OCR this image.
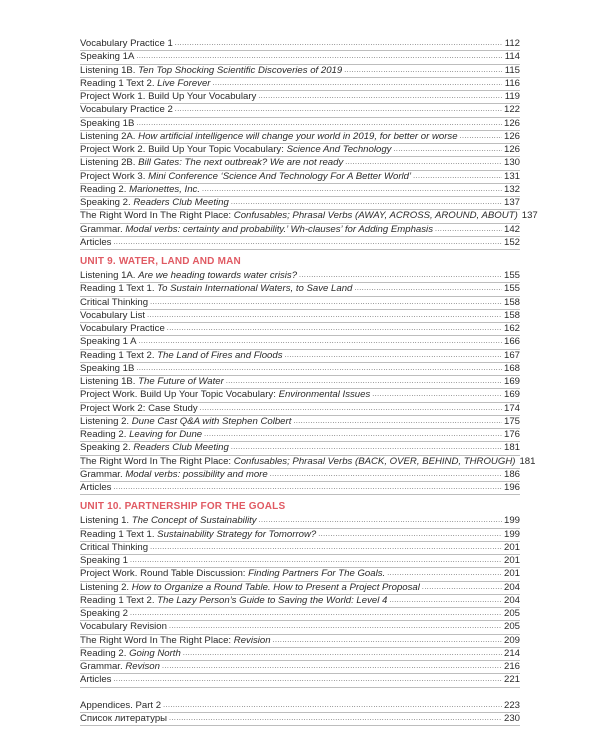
Vocabulary Practice 1 .....	112
Speaking 1A .....	114
Listening 1B. Ten Top Shocking Scientific Discoveries of 2019 .....	115
Reading 1 Text 2. Live Forever .....	116
Project Work 1. Build Up Your Vocabulary .....	119
Vocabulary Practice 2 .....	122
Speaking 1B .....	126
Listening 2A. How artificial intelligence will change your world in 2019, for better or worse .....	126
Project Work 2. Build Up Your Topic Vocabulary: Science And Technology .....	126
Listening 2B. Bill Gates: The next outbreak? We are not ready .....	130
Project Work 3. Mini Conference ‘Science And Technology For A Better World’ .....	131
Reading 2. Marionettes, Inc. .....	132
Speaking 2. Readers Club Meeting .....	137
The Right Word In The Right Place: Confusables; Phrasal Verbs (AWAY, ACROSS, AROUND, ABOUT) 137
Grammar. Modal verbs: certainty and probability.’ Wh-clauses’ for Adding Emphasis .....	142
Articles .....	152
UNIT 9. WATER, LAND AND MAN
Listening 1A. Are we heading towards water crisis? .....	155
Reading 1 Text 1. To Sustain International Waters, to Save Land .....	155
Critical Thinking .....	158
Vocabulary List .....	158
Vocabulary Practice .....	162
Speaking 1 A .....	166
Reading 1 Text 2. The Land of Fires and Floods .....	167
Speaking 1B .....	168
Listening 1B. The Future of Water .....	169
Project Work. Build Up Your Topic Vocabulary: Environmental Issues .....	169
Project Work 2: Case Study .....	174
Listening 2. Dune Cast Q&A with Stephen Colbert .....	175
Reading 2. Leaving for Dune .....	176
Speaking 2. Readers Club Meeting .....	181
The Right Word In The Right Place: Confusables; Phrasal Verbs (BACK, OVER, BEHIND, THROUGH) 181
Grammar. Modal verbs: possibility and more .....	186
Articles .....	196
UNIT 10. PARTNERSHIP FOR THE GOALS
Listening 1. The Concept of Sustainability .....	199
Reading 1 Text 1. Sustainability Strategy for Tomorrow? .....	199
Critical Thinking .....	201
Speaking 1 .....	201
Project Work. Round Table Discussion: Finding Partners For The Goals. .....	201
Listening 2. How to Organize a Round Table. How to Present a Project Proposal .....	204
Reading 1 Text 2. The Lazy Person’s Guide to Saving the World: Level 4 .....	204
Speaking 2 .....	205
Vocabulary Revision .....	205
The Right Word In The Right Place: Revision .....	209
Reading 2. Going North .....	214
Grammar. Revison .....	216
Articles .....	221
Appendices. Part 2 .....	223
Список литературы .....	230
